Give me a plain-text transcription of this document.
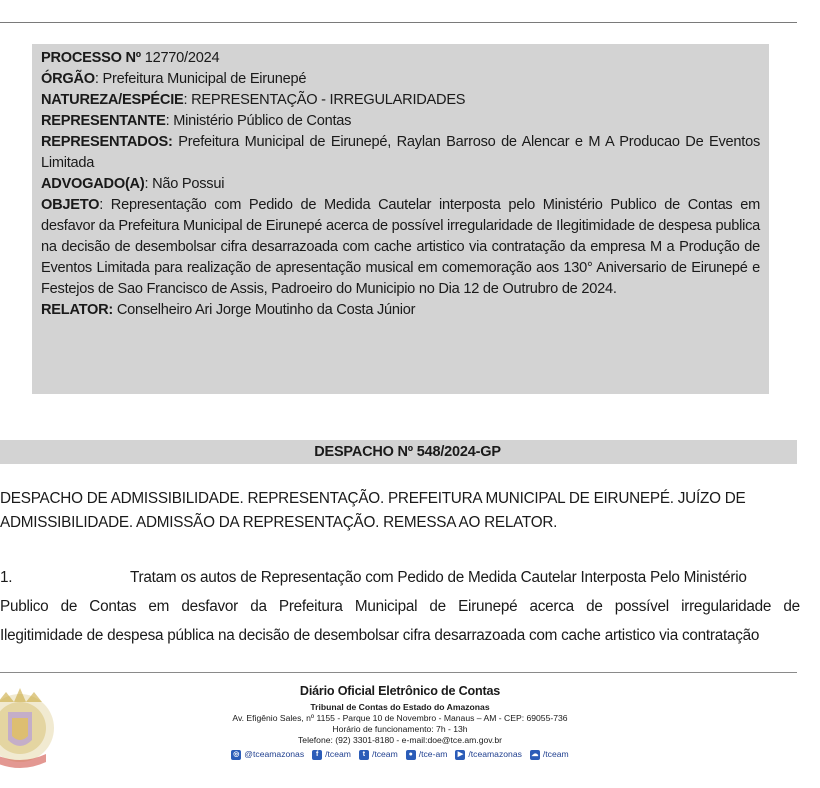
PROCESSO Nº 12770/2024

ÓRGÃO: Prefeitura Municipal de Eirunepé

NATUREZA/ESPÉCIE: REPRESENTAÇÃO - IRREGULARIDADES

REPRESENTANTE: Ministério Público de Contas

REPRESENTADOS: Prefeitura Municipal de Eirunepé, Raylan Barroso de Alencar e M A Producao De Eventos Limitada

ADVOGADO(A): Não Possui

OBJETO: Representação com Pedido de Medida Cautelar interposta pelo Ministério Publico de Contas em desfavor da Prefeitura Municipal de Eirunepé acerca de possível irregularidade de Ilegitimidade de despesa publica na decisão de desembolsar cifra desarrazoada com cache artistico via contratação da empresa M a Produção de Eventos Limitada para realização de apresentação musical em comemoração aos 130° Aniversario de Eirunepé e Festejos de Sao Francisco de Assis, Padroeiro do Municipio no Dia 12 de Outrubro de 2024.

RELATOR: Conselheiro Ari Jorge Moutinho da Costa Júnior

DESPACHO Nº 548/2024-GP
DESPACHO DE ADMISSIBILIDADE. REPRESENTAÇÃO. PREFEITURA MUNICIPAL DE EIRUNEPÉ. JUÍZO DE
ADMISSIBILIDADE. ADMISSÃO DA REPRESENTAÇÃO. REMESSA AO RELATOR.
1.	Tratam os autos de Representação com Pedido de Medida Cautelar Interposta Pelo Ministério
Publico de Contas em desfavor da Prefeitura Municipal de Eirunepé acerca de possível irregularidade de
Ilegitimidade de despesa pública na decisão de desembolsar cifra desarrazoada com cache artistico via contratação
Diário Oficial Eletrônico de Contas
Tribunal de Contas do Estado do Amazonas
Av. Efigênio Sales, nº 1155 - Parque 10 de Novembro - Manaus – AM - CEP: 69055-736
Horário de funcionamento: 7h - 13h
Telefone: (92) 3301-8180 - e-mail:doe@tce.am.gov.br
◎ @tceamazonas	f /tceam	t /tceam	● /tce-am	▶ /tceamazonas ☁ /tceam
